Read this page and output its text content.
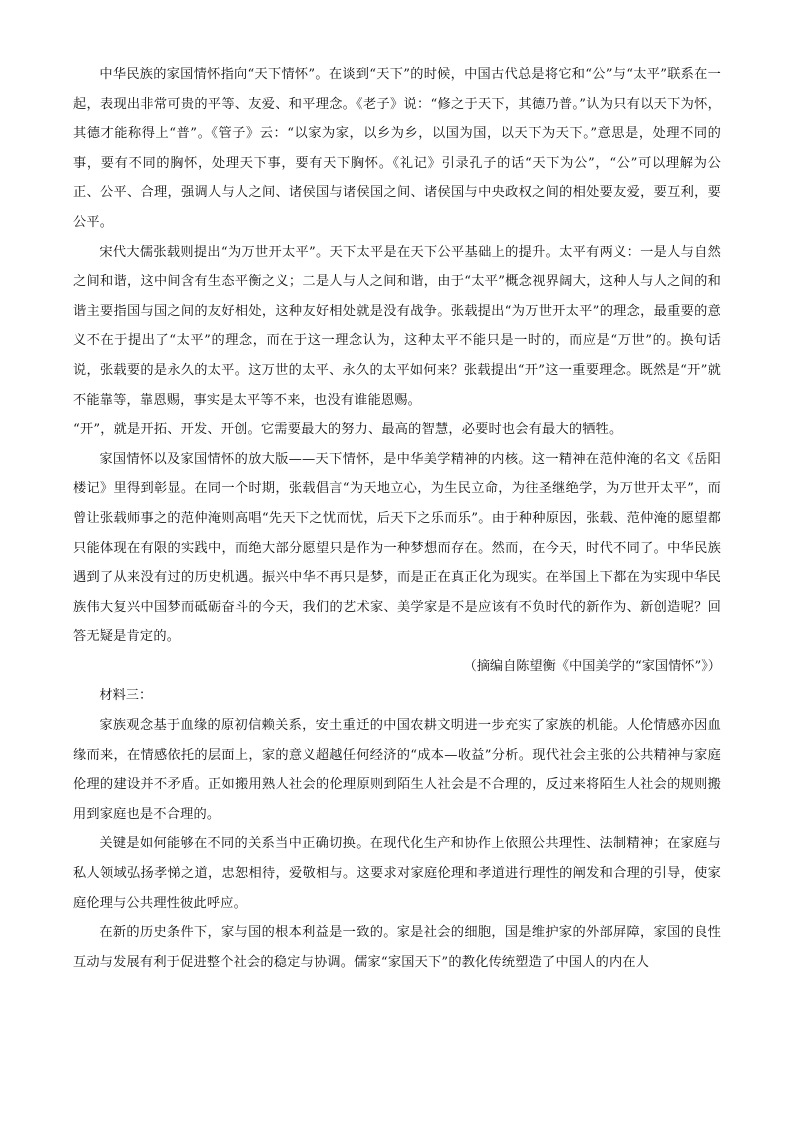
中华民族的家国情怀指向“天下情怀”。在谈到“天下”的时候，中国古代总是将它和“公”与“太平”联系在一起，表现出非常可贵的平等、友爱、和平理念。《老子》说：“修之于天下，其德乃普。”认为只有以天下为怀，其德才能称得上“普”。《管子》云：“以家为家，以乡为乡，以国为国，以天下为天下。”意思是，处理不同的事，要有不同的胸怀，处理天下事，要有天下胸怀。《礼记》引录孔子的话“天下为公”，“公”可以理解为公正、公平、合理，强调人与人之间、诸侯国与诸侯国之间、诸侯国与中央政权之间的相处要友爱，要互利，要公平。

宋代大儒张载则提出“为万世开太平”。天下太平是在天下公平基础上的提升。太平有两义：一是人与自然之间和谐，这中间含有生态平衡之义；二是人与人之间和谐，由于“太平”概念视界阔大，这种人与人之间的和谐主要指国与国之间的友好相处，这种友好相处就是没有战争。张载提出“为万世开太平”的理念，最重要的意义不在于提出了“太平”的理念，而在于这一理念认为，这种太平不能只是一时的，而应是“万世”的。换句话说，张载要的是永久的太平。这万世的太平、永久的太平如何来？张载提出“开”这一重要理念。既然是“开”就不能靠等，靠恩赐，事实是太平等不来，也没有谁能恩赐。

“开”，就是开拓、开发、开创。它需要最大的努力、最高的智慧，必要时也会有最大的牺牲。

家国情怀以及家国情怀的放大版——天下情怀，是中华美学精神的内核。这一精神在范仲淹的名文《岳阳楼记》里得到彰显。在同一个时期，张载倡言“为天地立心，为生民立命，为往圣继绝学，为万世开太平”，而曾让张载师事之的范仲淹则高唱“先天下之忧而忧，后天下之乐而乐”。由于种种原因，张载、范仲淹的愿望都只能体现在有限的实践中，而绝大部分愿望只是作为一种梦想而存在。然而，在今天，时代不同了。中华民族遇到了从来没有过的历史机遇。振兴中华不再只是梦，而是正在真正化为现实。在举国上下都在为实现中华民族伟大复兴中国梦而砥砺奋斗的今天，我们的艺术家、美学家是不是应该有不负时代的新作为、新创造呢？回答无疑是肯定的。

（摘编自陈望衡《中国美学的“家国情怀”》）

材料三：

家族观念基于血缘的原初信赖关系，安土重迁的中国农耕文明进一步充实了家族的机能。人伦情感亦因血缘而来，在情感依托的层面上，家的意义超越任何经济的“成本—收益”分析。现代社会主张的公共精神与家庭伦理的建设并不矛盾。正如搬用熟人社会的伦理原则到陌生人社会是不合理的，反过来将陌生人社会的规则搬用到家庭也是不合理的。

关键是如何能够在不同的关系当中正确切换。在现代化生产和协作上依照公共理性、法制精神；在家庭与私人领域弘扬孝悌之道，忠恕相待，爱敬相与。这要求对家庭伦理和孝道进行理性的阐发和合理的引导，使家庭伦理与公共理性彼此呼应。

在新的历史条件下，家与国的根本利益是一致的。家是社会的细胞，国是维护家的外部屏障，家国的良性互动与发展有利于促进整个社会的稳定与协调。儒家“家国天下”的教化传统塑造了中国人的内在人
